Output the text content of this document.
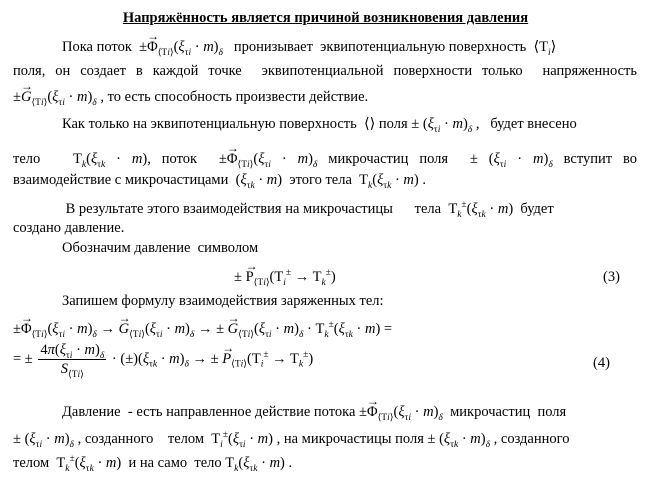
Напряжённость является причиной возникновения давления
Пока поток  ±→ $\Phi_{⟨Ti⟩}(\xi_{\tau i} \cdot m)_\delta$   пронизывает  эквипотенциальную поверхность  $⟨T_i⟩$
поля, он создает в каждой точке  эквипотенциальной поверхности только  напряженность
±→ $G_{⟨Ti⟩}(\xi_{\tau i} \cdot m)_\delta$ , то есть способность произвести действие.
Как только на эквипотенциальную поверхность  ⟨⟩ поля ± $(\xi_{\tau i} \cdot m)_\delta$ ,   будет внесено
тело   $T_k(\xi_{\tau k} \cdot m)$, поток  ±→ $\Phi_{⟨Ti⟩}(\xi_{\tau i} \cdot m)_\delta$ микрочастиц поля  ± $(\xi_{\tau i} \cdot m)_\delta$ вступит во
взаимодействие с микрочастицами  $(\xi_{\tau k} \cdot m)$  этого тела  $T_k(\xi_{\tau k} \cdot m)$ .
В результате этого взаимодействия на микрочастицы      тела  $T_k^\pm(\xi_{\tau k} \cdot m)$  будет
создано давление.
Обозначим давление  символом
± → $P_{⟨Ti⟩}(T_i^\pm \to T_k^\pm)$	(3)
Запишем формулу взаимодействия заряженных тел:
±→ $\Phi_{⟨Ti⟩}(\xi_{\tau i} \cdot m)_\delta$ → → $G_{⟨Ti⟩}(\xi_{\tau i} \cdot m)_\delta$ → ± → $G_{⟨Ti⟩}(\xi_{\tau i} \cdot m)_\delta \cdot T_k^\pm(\xi_{\tau k} \cdot m)$ =
= ± $\frac{4\pi(\xi_{\tau i} \cdot m)_\delta}{S_{⟨Ti⟩}} \cdot (\pm)(\xi_{\tau k} \cdot m)_\delta$ → ± → $P_{⟨Ti⟩}(T_i^\pm \to T_k^\pm)$	(4)
Давление  - есть направленное действие потока ±→ $\Phi_{⟨Ti⟩}(\xi_{\tau i} \cdot m)_\delta$  микрочастиц  поля
± $(\xi_{\tau i} \cdot m)_\delta$ , созданного    телом  $T_i^\pm(\xi_{\tau i} \cdot m)$ , на микрочастицы поля ± $(\xi_{\tau k} \cdot m)_\delta$ , созданного
телом  $T_k^\pm(\xi_{\tau k} \cdot m)$  и на само  тело $T_k(\xi_{\tau k} \cdot m)$ .
